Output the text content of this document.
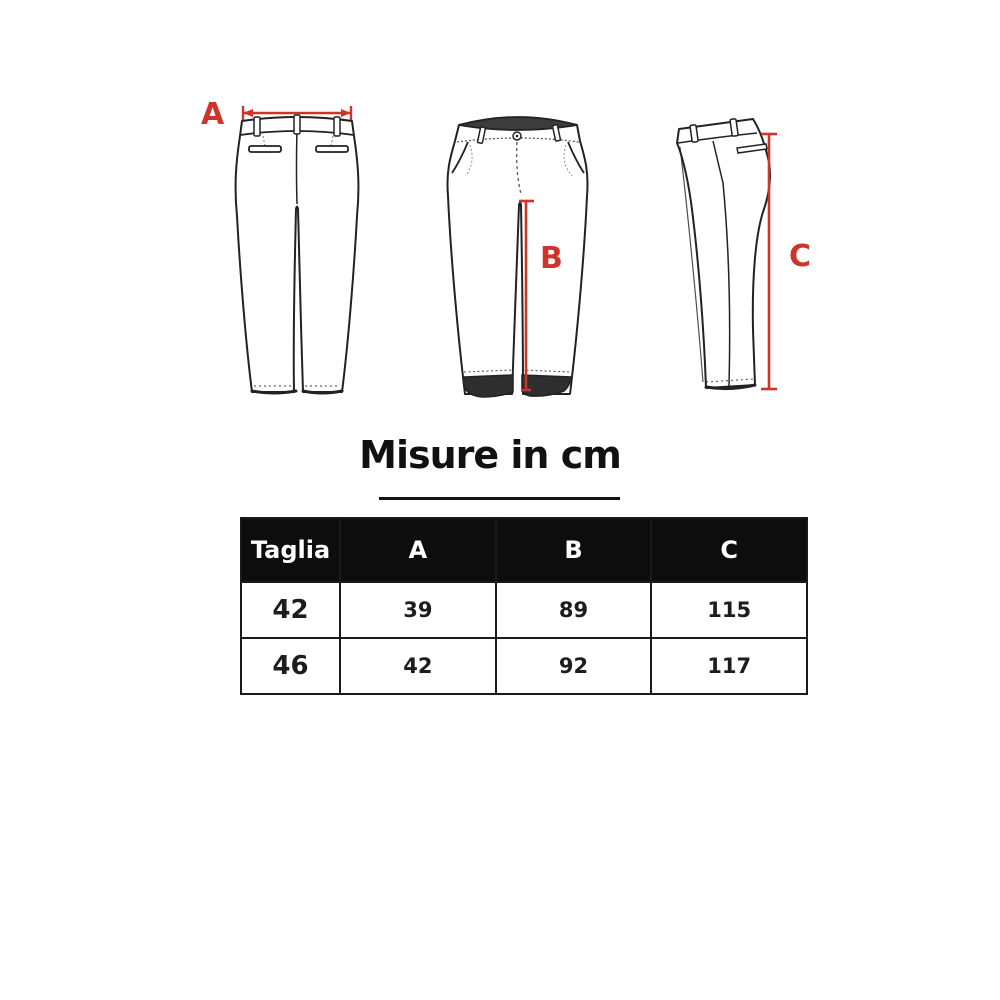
A
B	C
Misure in cm
Taglia	A	B	C
42	39	89	115
46	42	92	117
